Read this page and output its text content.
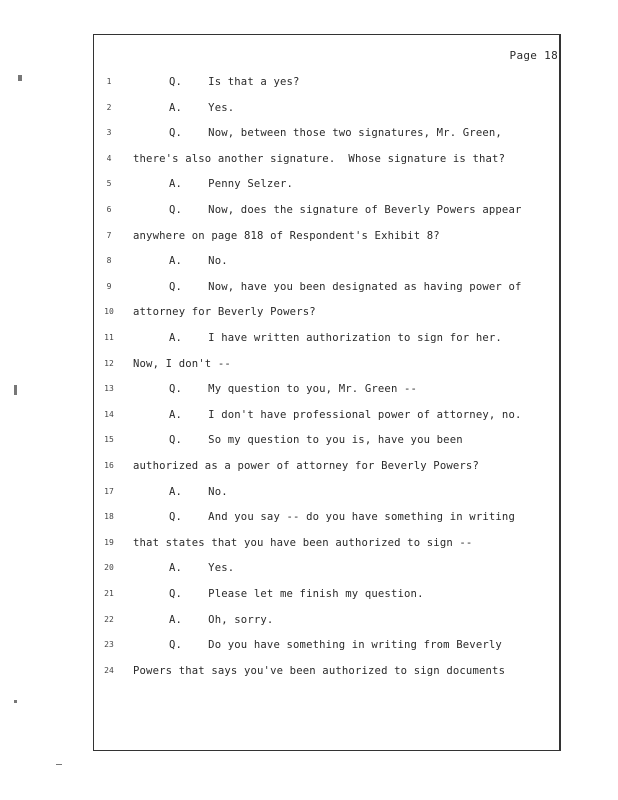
Page 18
1	Q.    Is that a yes?
2	A.    Yes.
3	Q.    Now, between those two signatures, Mr. Green,
4	there's also another signature.  Whose signature is that?
5	A.    Penny Selzer.
6	Q.    Now, does the signature of Beverly Powers appear
7	anywhere on page 818 of Respondent's Exhibit 8?
8	A.    No.
9	Q.    Now, have you been designated as having power of
10	attorney for Beverly Powers?
11	A.    I have written authorization to sign for her.
12	Now, I don't --
13	Q.    My question to you, Mr. Green --
14	A.    I don't have professional power of attorney, no.
15	Q.    So my question to you is, have you been
16	authorized as a power of attorney for Beverly Powers?
17	A.    No.
18	Q.    And you say -- do you have something in writing
19	that states that you have been authorized to sign --
20	A.    Yes.
21	Q.    Please let me finish my question.
22	A.    Oh, sorry.
23	Q.    Do you have something in writing from Beverly
24	Powers that says you've been authorized to sign documents
